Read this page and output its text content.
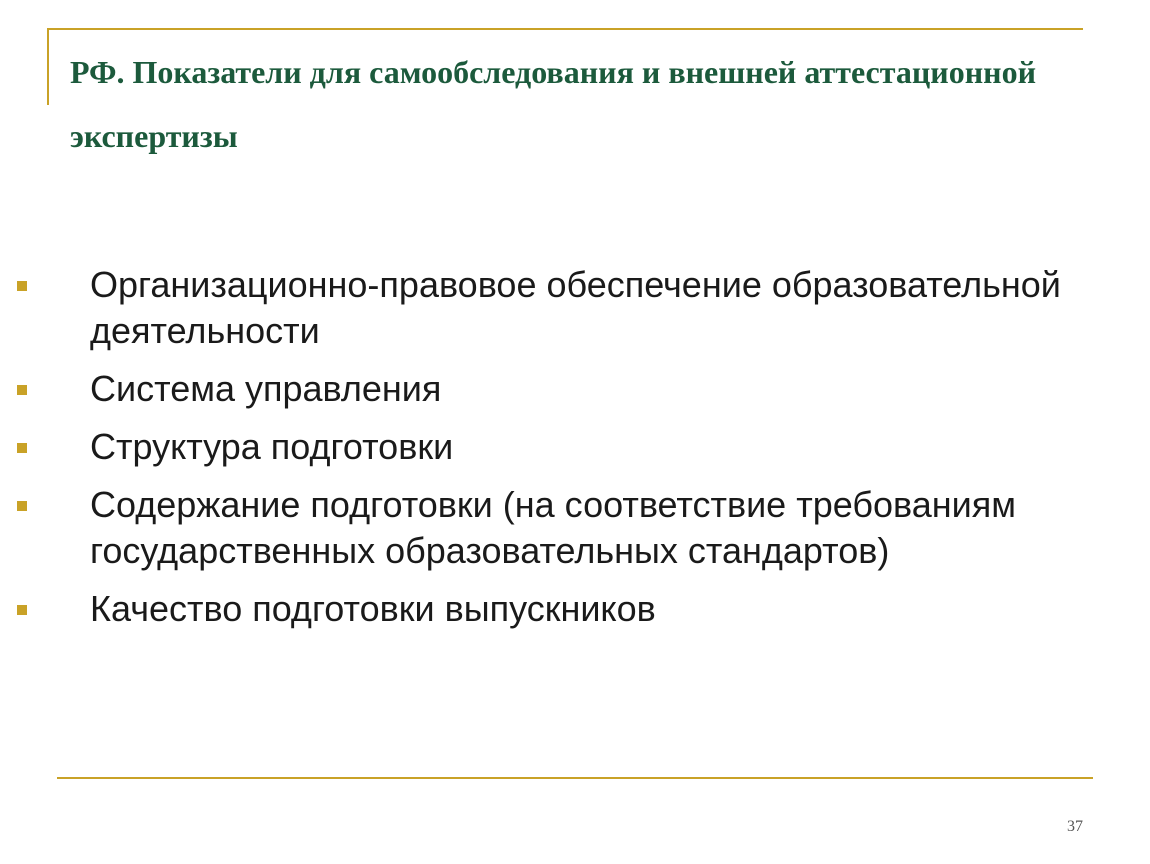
РФ. Показатели для самообследования и внешней аттестационной экспертизы
Организационно-правовое обеспечение образовательной деятельности
Система управления
Структура подготовки
Содержание подготовки (на соответствие требованиям государственных образовательных стандартов)
Качество подготовки выпускников
37
